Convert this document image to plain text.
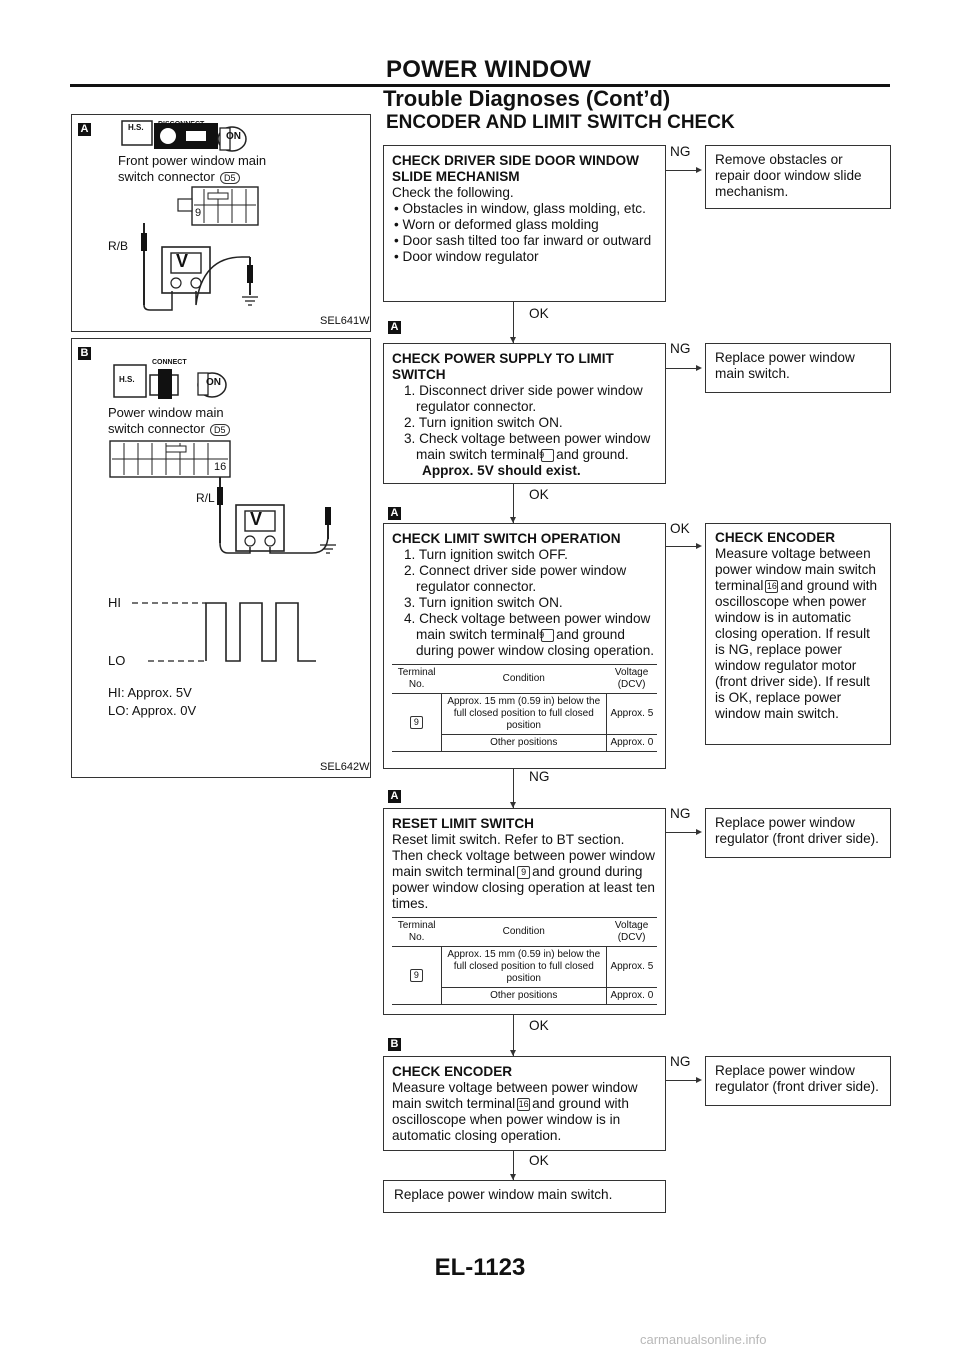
POWER WINDOW
Trouble Diagnoses (Cont’d)
ENCODER AND LIMIT SWITCH CHECK
A	H.S. DISCONNECT
ON
Front power window main
switch connector	D5
9
R/B
V
SEL641W
B
H.S.
CONNECT
ON
Power window main
switch connector	D5
16
R/L
V
HI
LO
HI: Approx. 5V
LO: Approx. 0V
SEL642W
CHECK DRIVER SIDE DOOR WINDOW SLIDE MECHANISM
Check the following.
• Obstacles in window, glass molding, etc.
• Worn or deformed glass molding
• Door sash tilted too far inward or outward
• Door window regulator
NG
Remove obstacles or repair door window slide mechanism.
OK
A
CHECK POWER SUPPLY TO LIMIT SWITCH
1. Disconnect driver side power window regulator connector.
2. Turn ignition switch ON.
3. Check voltage between power window main switch terminal9 and ground.
Approx. 5V should exist.
NG
Replace power window main switch.
OK
A
CHECK LIMIT SWITCH OPERATION
1. Turn ignition switch OFF.
2. Connect driver side power window regulator connector.
3. Turn ignition switch ON.
4. Check voltage between power window main switch terminal9 and ground during power window closing operation.
Terminal No.	Condition	Voltage (DCV)
9	Approx. 15 mm (0.59 in) below the full closed position to full closed position	Approx. 5
	Other positions	Approx. 0
OK
CHECK ENCODER
Measure voltage between power window main switch terminal 16 and ground with oscilloscope when power window is in automatic closing operation. If result is NG, replace power window regulator motor (front driver side). If result is OK, replace power window main switch.
NG
A
RESET LIMIT SWITCH
Reset limit switch. Refer to BT section. Then check voltage between power window main switch terminal 9 and ground during power window closing operation at least ten times.
Terminal No.	Condition	Voltage (DCV)
9	Approx. 15 mm (0.59 in) below the full closed position to full closed position	Approx. 5
	Other positions	Approx. 0
NG
Replace power window regulator (front driver side).
OK
B
CHECK ENCODER
Measure voltage between power window main switch terminal 16 and ground with oscilloscope when power window is in automatic closing operation.
NG
Replace power window regulator (front driver side).
OK
Replace power window main switch.
EL-1123
carmanualsonline.info
